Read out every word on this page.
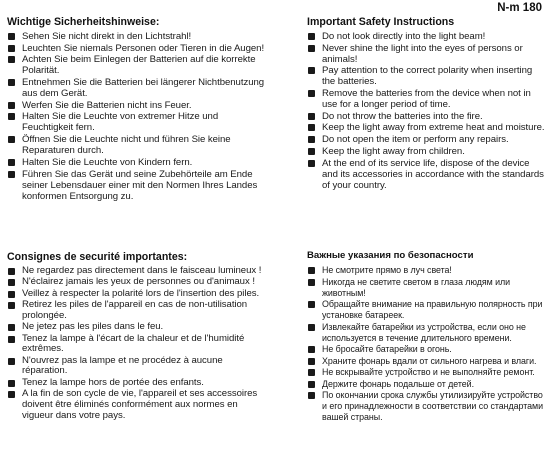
N-m 180
Wichtige Sicherheitshinweise:
Sehen Sie nicht direkt in den Lichtstrahl!
Leuchten Sie niemals Personen oder Tieren in die Augen!
Achten Sie beim Einlegen der Batterien auf die korrekte Polarität.
Entnehmen Sie die Batterien bei längerer Nichtbenutzung aus dem Gerät.
Werfen Sie die Batterien nicht ins Feuer.
Halten Sie die Leuchte von extremer Hitze und Feuchtigkeit fern.
Öffnen Sie die Leuchte nicht und führen Sie keine Reparaturen durch.
Halten Sie die Leuchte von Kindern fern.
Führen Sie das Gerät und seine Zubehörteile am Ende seiner Lebensdauer einer mit den Normen Ihres Landes konformen Entsorgung zu.
Important Safety Instructions
Do not look directly into the light beam!
Never shine the light into the eyes of persons or animals!
Pay attention to the correct polarity when inserting the batteries.
Remove the batteries from the device when not in use for a longer period of time.
Do not throw the batteries into the fire.
Keep the light away from extreme heat and moisture.
Do not open the item or perform any repairs.
Keep the light away from children.
At the end of its service life, dispose of the device and its accessories in accordance with the standards of your country.
Consignes de securité importantes:
Ne regardez pas directement dans le faisceau lumineux !
N'éclairez jamais les yeux de personnes ou d'animaux !
Veillez à respecter la polarité lors de l'insertion des piles.
Retirez les piles de l'appareil en cas de non-utilisation prolongée.
Ne jetez pas les piles dans le feu.
Tenez la lampe à l'écart de la chaleur et de l'humidité extrêmes.
N'ouvrez pas la lampe et ne procédez à aucune réparation.
Tenez la lampe hors de portée des enfants.
A la fin de son cycle de vie, l'appareil et ses accessoires doivent être éliminés conformément aux normes en vigueur dans votre pays.
Важные указания по безопасности
Не смотрите прямо в луч света!
Никогда не светите светом в глаза людям или животным!
Обращайте внимание на правильную полярность при установке батареек.
Извлекайте батарейки из устройства, если оно не используется в течение длительного времени.
Не бросайте батарейки в огонь.
Храните фонарь вдали от сильного нагрева и влаги.
Не вскрывайте устройство и не выполняйте ремонт.
Держите фонарь подальше от детей.
По окончании срока службы утилизируйте устройство и его принадлежности в соответствии со стандартами вашей страны.
